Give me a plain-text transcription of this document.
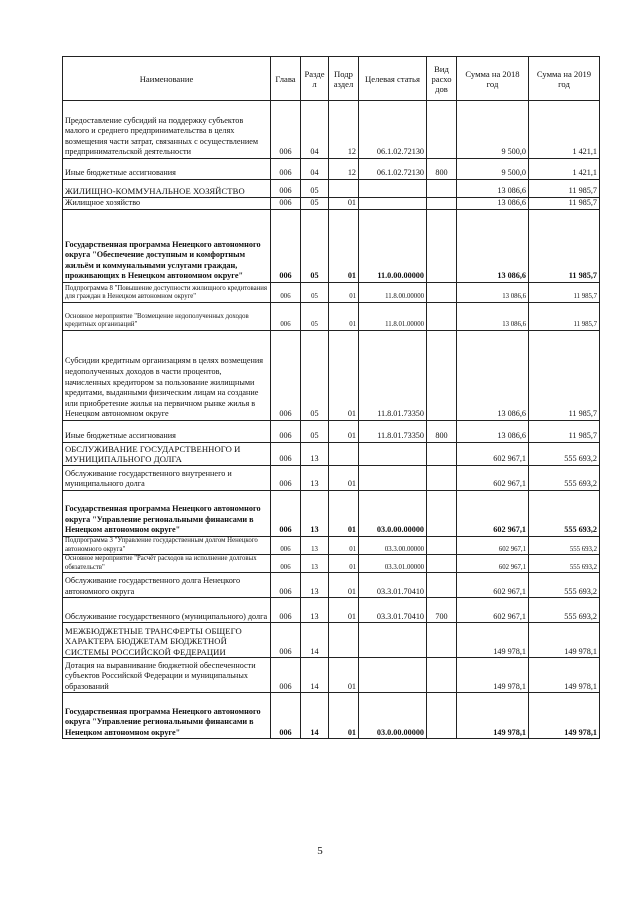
Наименование	Глава	Разде л	Подр аздел	Целевая статья	Вид расхо дов	Сумма на 2018 год	Сумма на 2019 год
Предоставление субсидий на поддержку субъектов малого и среднего предпринимательства в целях возмещения части затрат, связанных с осуществлением предпринимательской деятельности	006	04	12	06.1.02.72130		9 500,0	1 421,1
Иные бюджетные ассигнования	006	04	12	06.1.02.72130	800	9 500,0	1 421,1
ЖИЛИЩНО-КОММУНАЛЬНОЕ ХОЗЯЙСТВО	006	05				13 086,6	11 985,7
Жилищное хозяйство	006	05	01			13 086,6	11 985,7
Государственная программа Ненецкого автономного округа "Обеспечение доступным и комфортным жильём и коммунальными услугами граждан, проживающих в Ненецком автономном округе"	006	05	01	11.0.00.00000		13 086,6	11 985,7
Подпрограмма 8 "Повышение доступности жилищного кредитования для граждан в Ненецком автономном округе"	006	05	01	11.8.00.00000		13 086,6	11 985,7
Основное мероприятие "Возмещение недополученных доходов кредитных организаций"	006	05	01	11.8.01.00000		13 086,6	11 985,7
Субсидии кредитным организациям в целях возмещения недополученных доходов в части процентов, начисленных кредитором за пользование жилищными кредитами, выданными физическим лицам на создание или приобретение жилья на первичном рынке жилья в Ненецком автономном округе	006	05	01	11.8.01.73350		13 086,6	11 985,7
Иные бюджетные ассигнования	006	05	01	11.8.01.73350	800	13 086,6	11 985,7
ОБСЛУЖИВАНИЕ ГОСУДАРСТВЕННОГО И МУНИЦИПАЛЬНОГО ДОЛГА	006	13				602 967,1	555 693,2
Обслуживание государственного внутреннего и муниципального долга	006	13	01			602 967,1	555 693,2
Государственная программа Ненецкого автономного округа "Управление региональными финансами в Ненецком автономном округе"	006	13	01	03.0.00.00000		602 967,1	555 693,2
Подпрограмма 3 "Управление государственным долгом Ненецкого автономного округа"	006	13	01	03.3.00.00000		602 967,1	555 693,2
Основное мероприятие "Расчёт расходов на исполнение долговых обязательств"	006	13	01	03.3.01.00000		602 967,1	555 693,2
Обслуживание государственного долга Ненецкого автономного округа	006	13	01	03.3.01.70410		602 967,1	555 693,2
Обслуживание государственного (муниципального) долга	006	13	01	03.3.01.70410	700	602 967,1	555 693,2
МЕЖБЮДЖЕТНЫЕ ТРАНСФЕРТЫ ОБЩЕГО ХАРАКТЕРА БЮДЖЕТАМ БЮДЖЕТНОЙ СИСТЕМЫ РОССИЙСКОЙ ФЕДЕРАЦИИ	006	14				149 978,1	149 978,1
Дотация на выравнивание бюджетной обеспеченности субъектов Российской Федерации и муниципальных образований	006	14	01			149 978,1	149 978,1
Государственная программа Ненецкого автономного округа "Управление региональными финансами в Ненецком автономном округе"	006	14	01	03.0.00.00000		149 978,1	149 978,1
5
